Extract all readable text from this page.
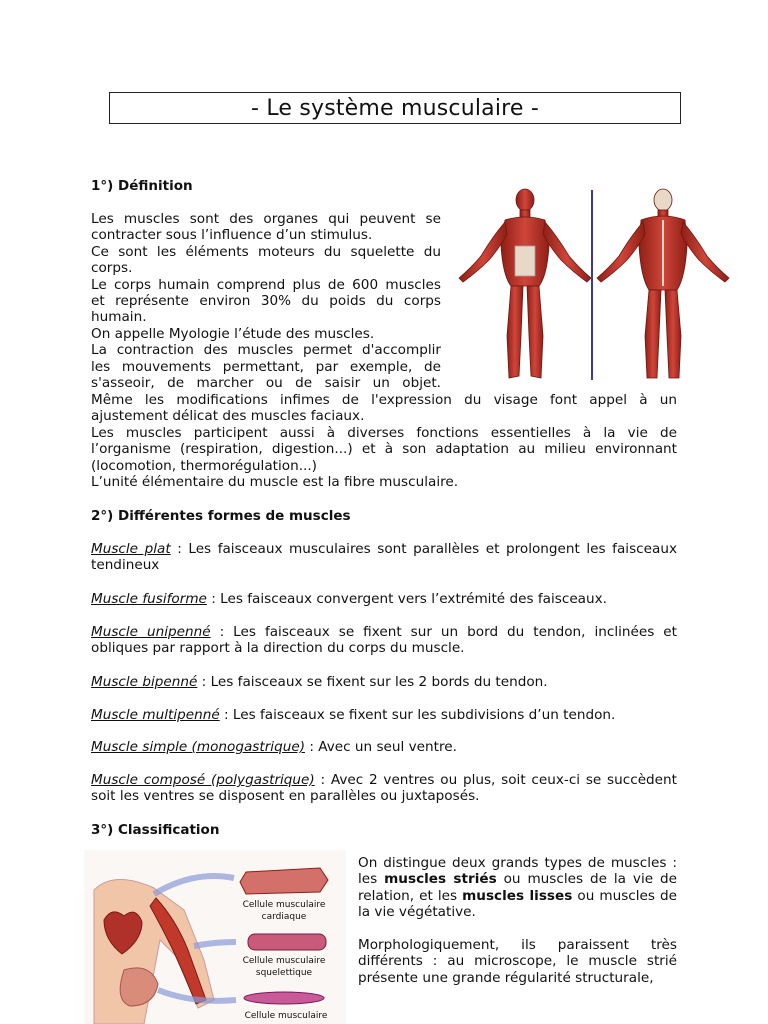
- Le système musculaire -
1°) Définition
Les muscles sont des organes qui peuvent se
contracter sous l’influence d’un stimulus.
Ce sont les éléments moteurs du squelette du
corps.
Le corps humain comprend plus de 600 muscles
et représente environ 30% du poids du corps
humain.
On appelle Myologie l’étude des muscles.
La contraction des muscles permet d'accomplir
les mouvements permettant, par exemple, de
s'asseoir, de marcher ou de saisir un objet.
Même les modifications infimes de l'expression du visage font appel à un
ajustement délicat des muscles faciaux.
Les muscles participent aussi à diverses fonctions essentielles à la vie de
l’organisme (respiration, digestion...) et à son adaptation au milieu environnant
(locomotion, thermorégulation...)
L’unité élémentaire du muscle est la fibre musculaire.
2°) Différentes formes de muscles
Muscle plat : Les faisceaux musculaires sont parallèles et prolongent les faisceaux tendineux
Muscle fusiforme : Les faisceaux convergent vers l’extrémité des faisceaux.
Muscle unipenné : Les faisceaux se fixent sur un bord du tendon, inclinées et obliques par rapport à la direction du corps du muscle.
Muscle bipenné : Les faisceaux se fixent sur les 2 bords du tendon.
Muscle multipenné : Les faisceaux se fixent sur les subdivisions d’un tendon.
Muscle simple (monogastrique) : Avec un seul ventre.
Muscle composé (polygastrique) : Avec 2 ventres ou plus, soit ceux-ci se succèdent soit les ventres se disposent en parallèles ou juxtaposés.
3°) Classification
Cellule musculaire
cardiaque
Cellule musculaire
squelettique
Cellule musculaire
On distingue deux grands types de muscles : les muscles striés ou muscles de la vie de relation, et les muscles lisses ou muscles de la vie végétative.
Morphologiquement, ils paraissent très différents : au microscope, le muscle strié présente une grande régularité structurale,
